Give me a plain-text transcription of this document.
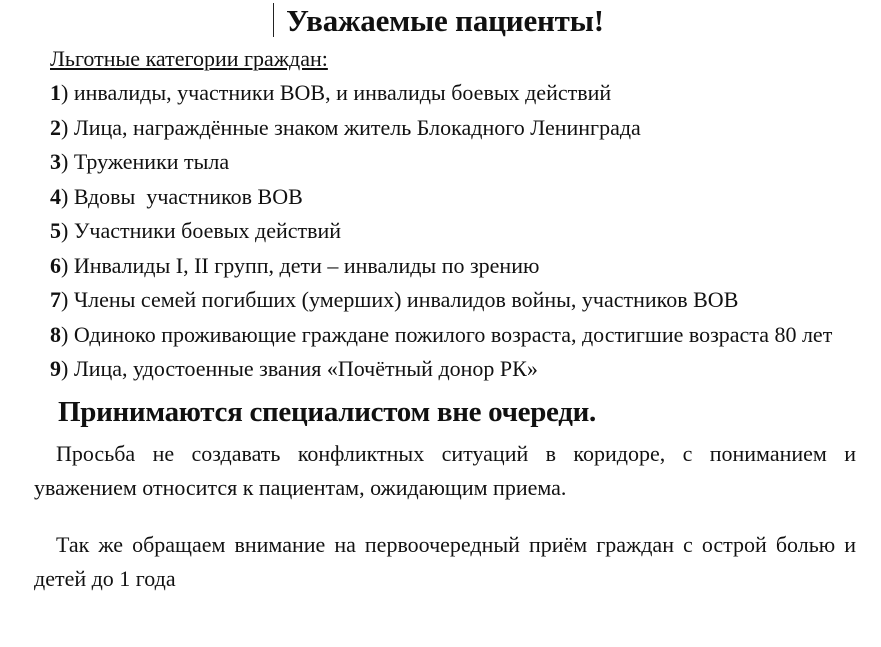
Уважаемые пациенты!
Льготные категории граждан:
1) инвалиды, участники ВОВ, и инвалиды боевых действий
2) Лица, награждённые знаком житель Блокадного Ленинграда
3) Труженики тыла
4) Вдовы  участников ВОВ
5) Участники боевых действий
6) Инвалиды I, II групп, дети – инвалиды по зрению
7) Члены семей погибших (умерших) инвалидов войны, участников ВОВ
8) Одиноко проживающие граждане пожилого возраста, достигшие возраста 80 лет
9) Лица, удостоенные звания «Почётный донор РК»
Принимаются специалистом вне очереди.

Просьба не создавать конфликтных ситуаций в коридоре, с пониманием и уважением относится к пациентам, ожидающим приема.

Так же обращаем внимание на первоочередный приём граждан с острой болью и детей до 1 года
